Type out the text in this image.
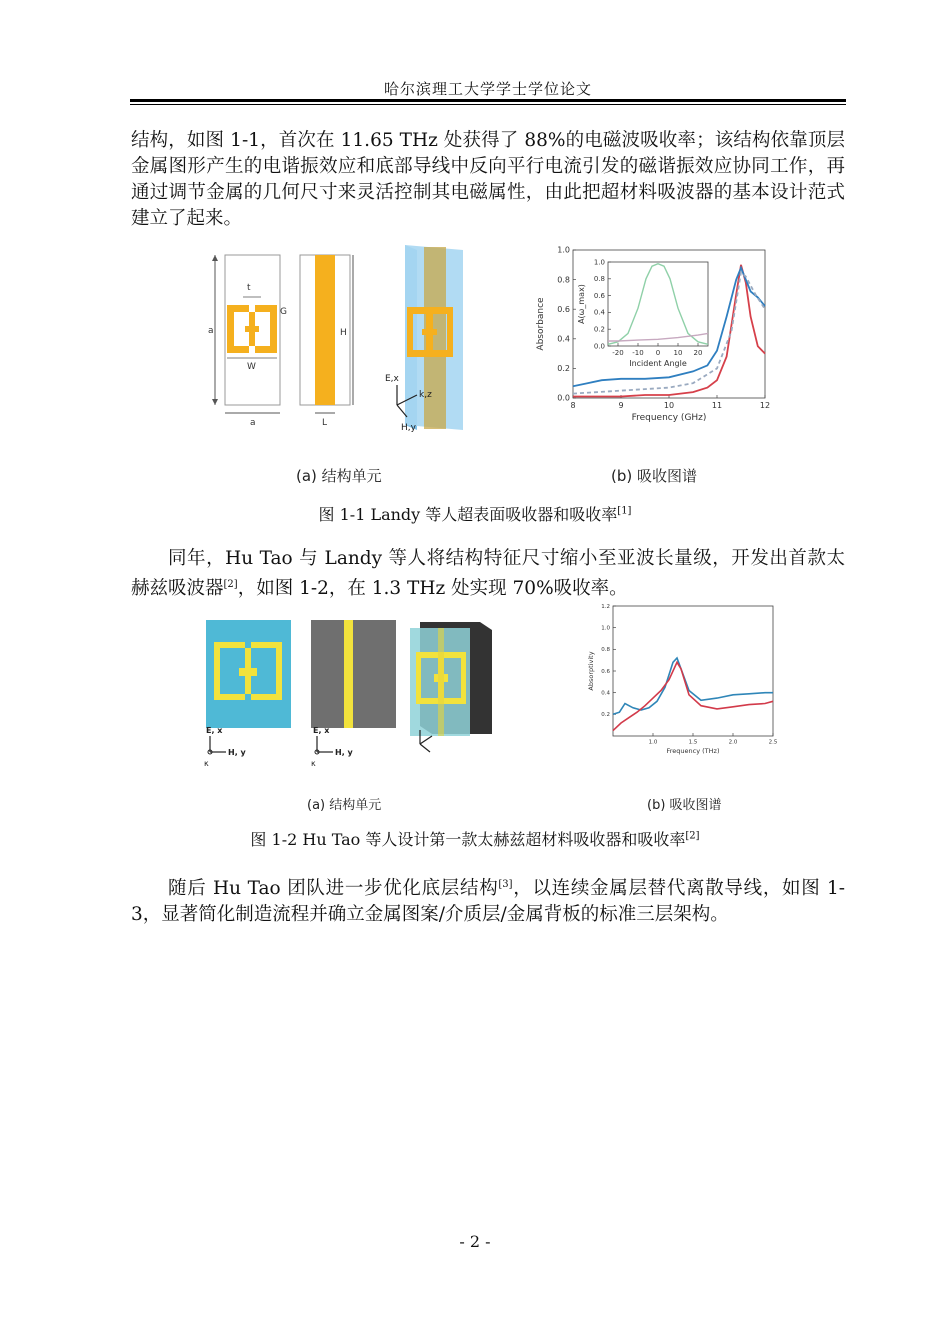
哈尔滨理工大学学士学位论文
结构，如图 1-1，首次在 11.65 THz 处获得了 88%的电磁波吸收率；该结构依靠顶层金属图形产生的电谐振效应和底部导线中反向平行电流引发的磁谐振效应协同工作，再通过调节金属的几何尺寸来灵活控制其电磁属性，由此把超材料吸波器的基本设计范式建立了起来。
a
a
t
G
W
H
L
E,x
k,z
H,y
8	9	10	11	12
0.0
0.2
0.4
0.6
0.8
1.0
Frequency (GHz)
Absorbance
-20 -10 0 10 20
0.0
0.2
0.4
0.6
0.8
1.0
Incident Angle
A(ω_max)
(a) 结构单元	(b) 吸收图谱
图 1-1 Landy 等人超表面吸收器和吸收率[1]
同年，Hu Tao 与 Landy 等人将结构特征尺寸缩小至亚波长量级，开发出首款太赫兹吸波器[2]，如图 1-2，在 1.3 THz 处实现 70%吸收率。
E, x
H, y
κ
E, x
H, y
κ
1.0	1.5	2.0	2.5
0.2
0.4
0.6
0.8
1.0
1.2
Frequency (THz)
Absorptivity
(a) 结构单元	(b) 吸收图谱
图 1-2 Hu Tao 等人设计第一款太赫兹超材料吸收器和吸收率[2]
随后 Hu Tao 团队进一步优化底层结构[3]，以连续金属层替代离散导线，如图 1-3，显著简化制造流程并确立金属图案/介质层/金属背板的标准三层架构。
- 2 -
